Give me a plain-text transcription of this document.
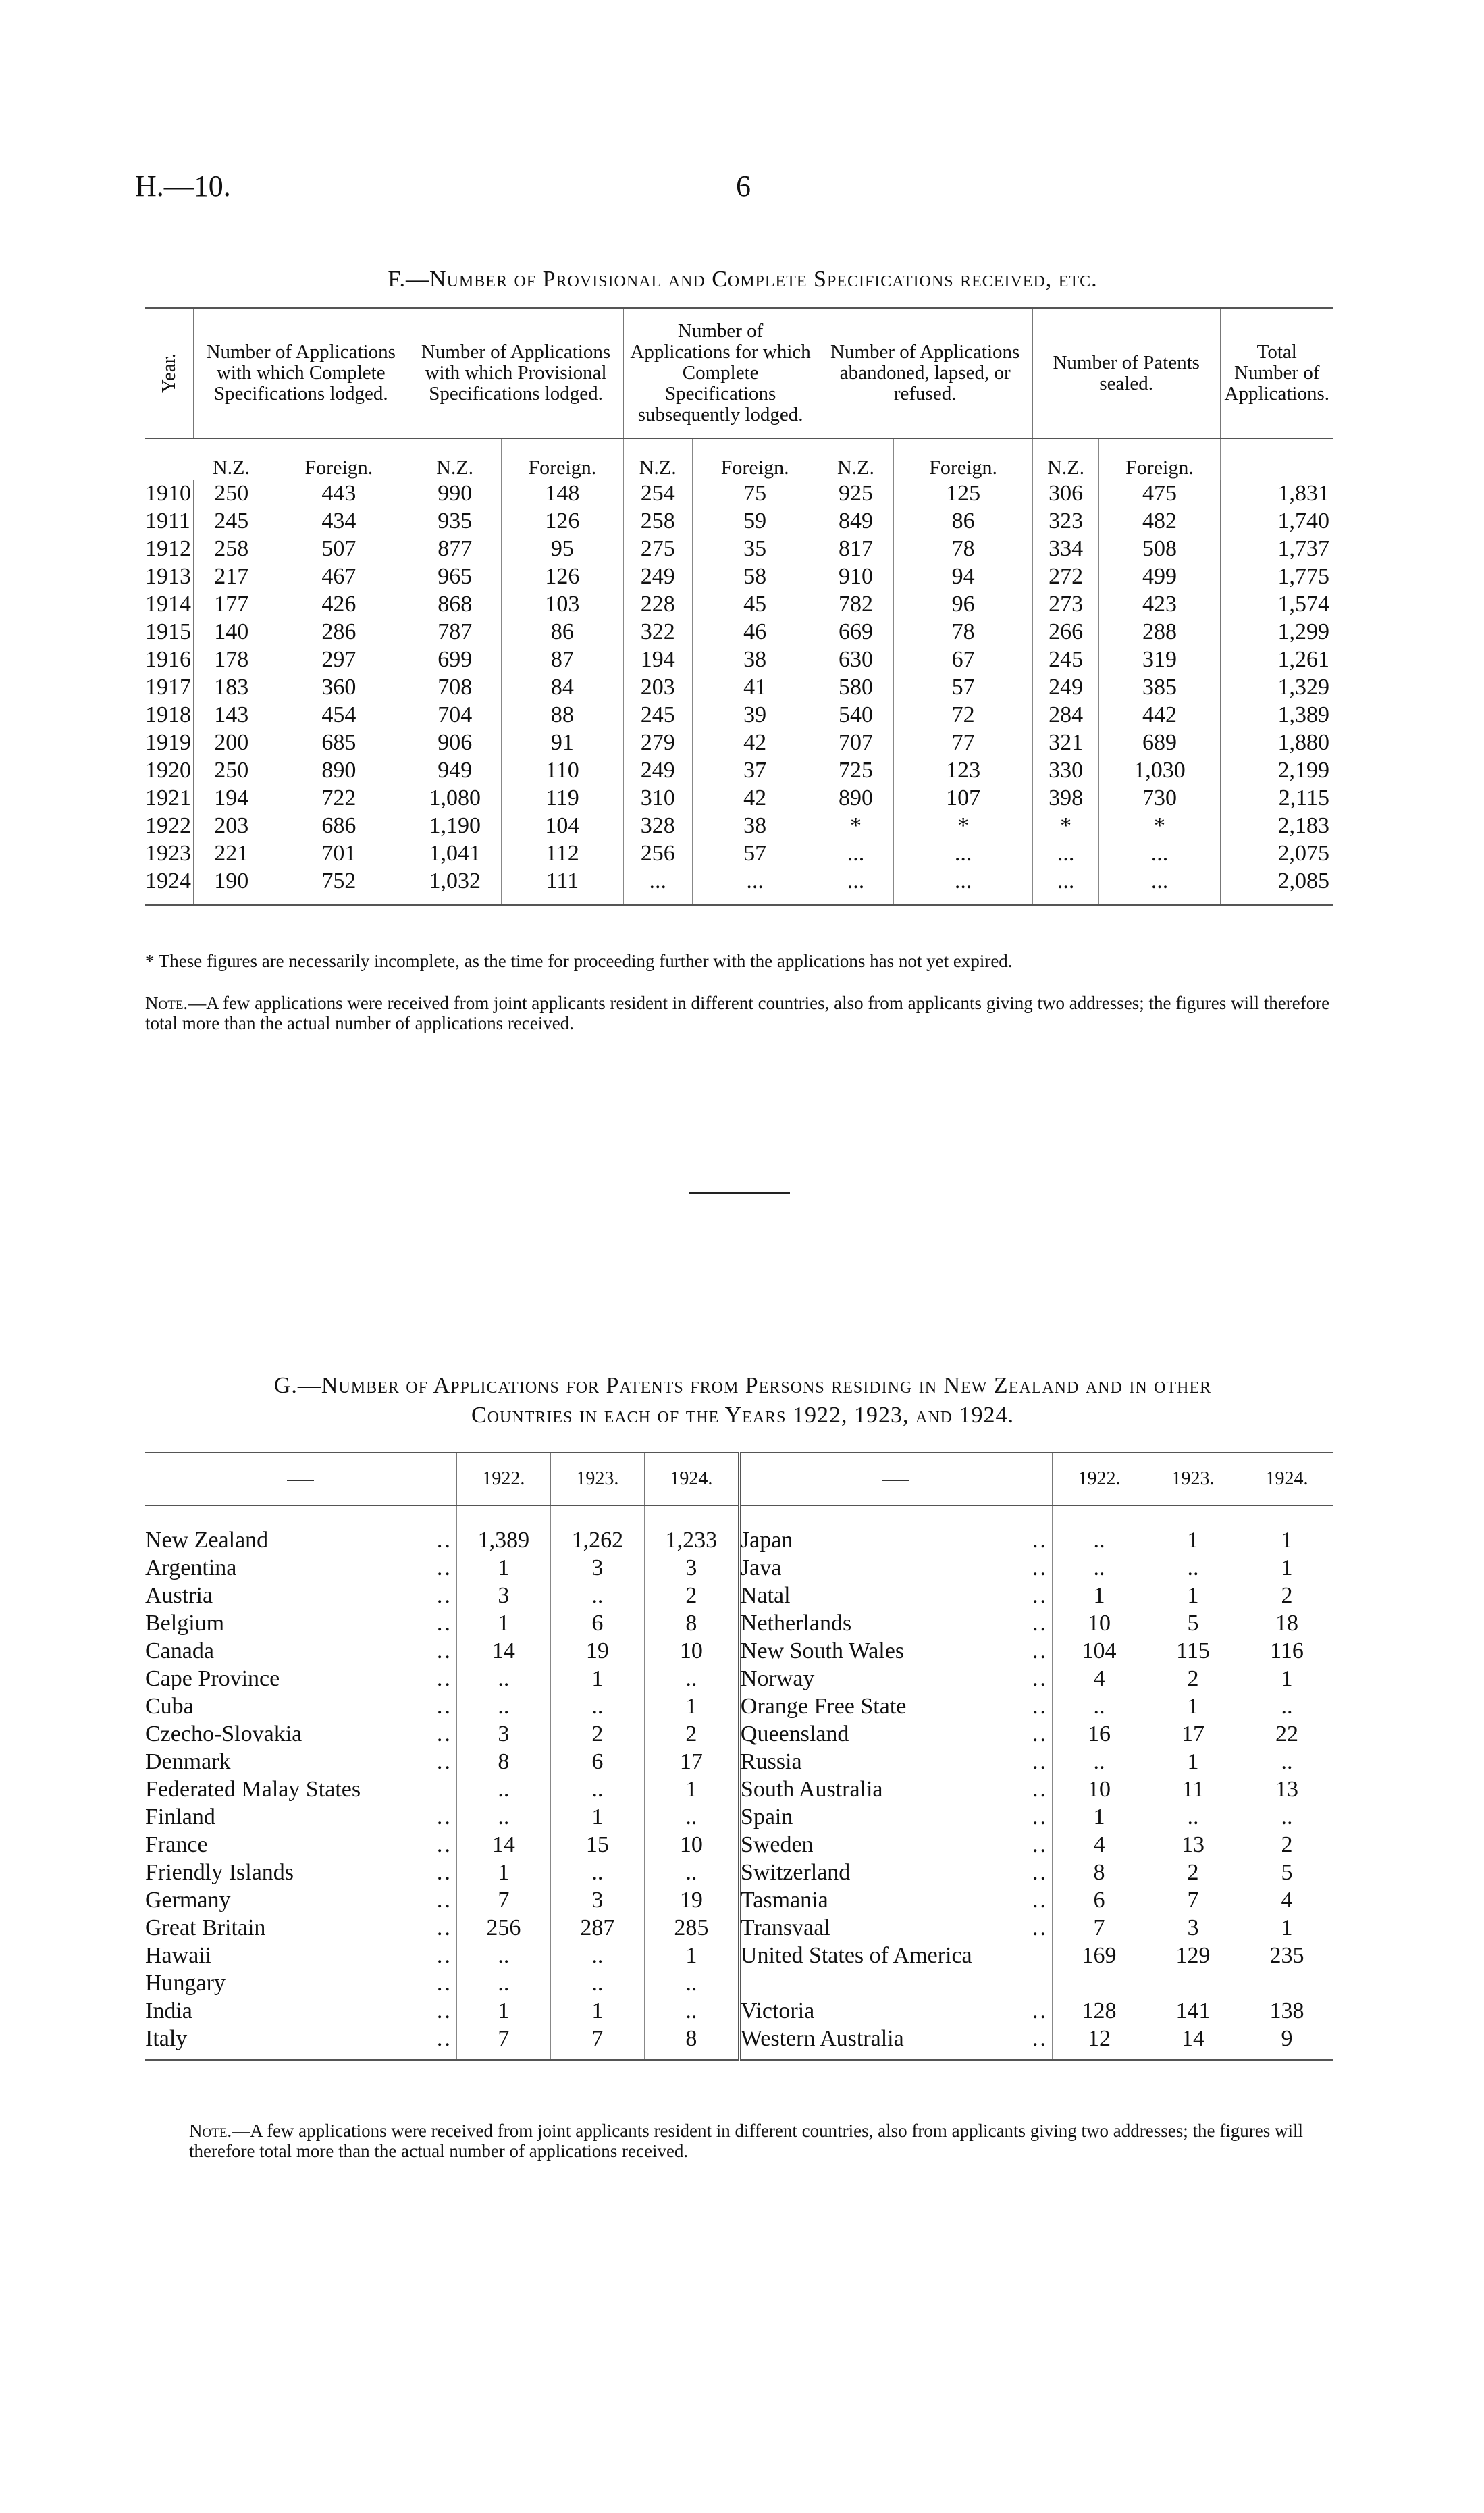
H.—10.	6
F.—Number of Provisional and Complete Specifications received, etc.
Year.	Number of Applications with which Complete Specifications lodged.		Number of Applications with which Provisional Specifications lodged.		Number of Applications for which Complete Specifications subsequently lodged.		Number of Applications abandoned, lapsed, or refused.		Number of Patents sealed.		Total Number of Applications.
	N.Z.	Foreign.	N.Z.	Foreign.	N.Z.	Foreign.	N.Z.	Foreign.	N.Z.	Foreign.	
1910	250	443	990	148	254	75	925	125	306	475	1,831
1911	245	434	935	126	258	59	849	86	323	482	1,740
1912	258	507	877	95	275	35	817	78	334	508	1,737
1913	217	467	965	126	249	58	910	94	272	499	1,775
1914	177	426	868	103	228	45	782	96	273	423	1,574
1915	140	286	787	86	322	46	669	78	266	288	1,299
1916	178	297	699	87	194	38	630	67	245	319	1,261
1917	183	360	708	84	203	41	580	57	249	385	1,329
1918	143	454	704	88	245	39	540	72	284	442	1,389
1919	200	685	906	91	279	42	707	77	321	689	1,880
1920	250	890	949	110	249	37	725	123	330	1,030	2,199
1921	194	722	1,080	119	310	42	890	107	398	730	2,115
1922	203	686	1,190	104	328	38	*	*	*	*	2,183
1923	221	701	1,041	112	256	57	...	...	...	...	2,075
1924	190	752	1,032	111	...	...	...	...	...	...	2,085
* These figures are necessarily incomplete, as the time for proceeding further with the applications has not yet expired.
Note.—A few applications were received from joint applicants resident in different countries, also from applicants giving two addresses; the figures will therefore total more than the actual number of applications received.
G.—Number of Applications for Patents from Persons residing in New Zealand and in other
Countries in each of the Years 1922, 1923, and 1924.
		1922.	1923.	1924.			1922.	1923.	1924.
New Zealand	..	1,389	1,262	1,233	Japan	..	..	1	1
Argentina	..	1	3	3	Java	..	..	..	1
Austria	..	3	..	2	Natal	..	1	1	2
Belgium	..	1	6	8	Netherlands	..	10	5	18
Canada	..	14	19	10	New South Wales	..	104	115	116
Cape Province	..	..	1	..	Norway	..	4	2	1
Cuba	..	..	..	1	Orange Free State	..	..	1	..
Czecho-Slovakia	..	3	2	2	Queensland	..	16	17	22
Denmark	..	8	6	17	Russia	..	..	1	..
Federated Malay States		..	..	1	South Australia	..	10	11	13
Finland	..	..	1	..	Spain	..	1	..	..
France	..	14	15	10	Sweden	..	4	13	2
Friendly Islands	..	1	..	..	Switzerland	..	8	2	5
Germany	..	7	3	19	Tasmania	..	6	7	4
Great Britain	..	256	287	285	Transvaal	..	7	3	1
Hawaii	..	..	..	1	United States of America		169	129	235
Hungary	..	..	..	..					
India	..	1	1	..	Victoria	..	128	141	138
Italy	..	7	7	8	Western Australia	..	12	14	9
Note.—A few applications were received from joint applicants resident in different countries, also from applicants giving two addresses; the figures will therefore total more than the actual number of applications received.
